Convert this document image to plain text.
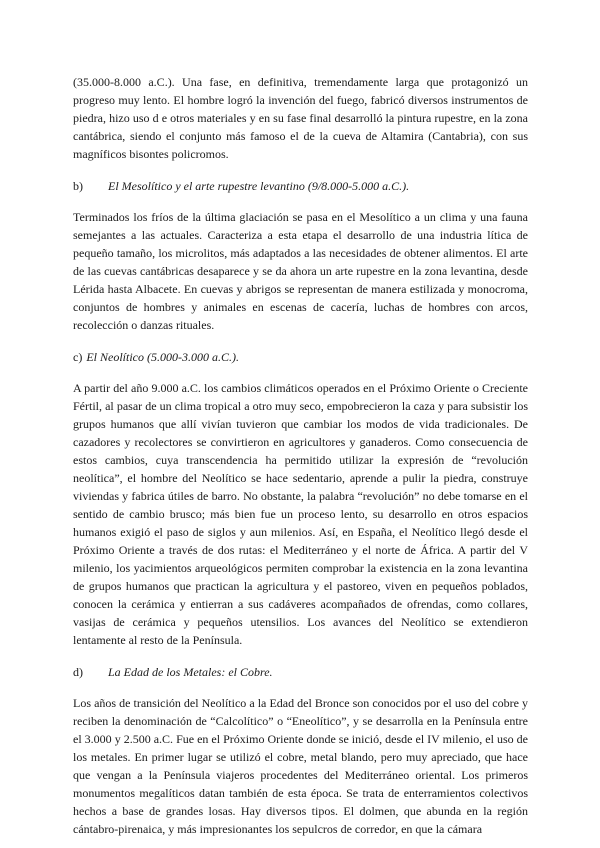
(35.000-8.000 a.C.). Una fase, en definitiva, tremendamente larga que protagonizó un progreso muy lento. El hombre logró la invención del fuego, fabricó diversos instrumentos de piedra, hizo uso d e otros materiales y en su fase final desarrolló la pintura rupestre, en la zona cantábrica, siendo el conjunto más famoso el de la cueva de Altamira (Cantabria), con sus magníficos bisontes policromos.

b)	El Mesolítico y el arte rupestre levantino (9/8.000-5.000 a.C.).

Terminados los fríos de la última glaciación se pasa en el Mesolítico a un clima y una fauna semejantes a las actuales. Caracteriza a esta etapa el desarrollo de una industria lítica de pequeño tamaño, los microlitos, más adaptados a las necesidades de obtener alimentos. El arte de las cuevas cantábricas desaparece y se da ahora un arte rupestre en la zona levantina, desde Lérida hasta Albacete. En cuevas y abrigos se representan de manera estilizada y monocroma, conjuntos de hombres y animales en escenas de cacería, luchas de hombres con arcos, recolección o danzas rituales.

c) El Neolítico (5.000-3.000 a.C.).

A partir del año 9.000 a.C. los cambios climáticos operados en el Próximo Oriente o Creciente Fértil, al pasar de un clima tropical a otro muy seco, empobrecieron la caza y para subsistir los grupos humanos que allí vivían tuvieron que cambiar los modos de vida tradicionales. De cazadores y recolectores se convirtieron en agricultores y ganaderos. Como consecuencia de estos cambios, cuya transcendencia ha permitido utilizar la expresión de “revolución neolítica”, el hombre del Neolítico se hace sedentario, aprende a pulir la piedra, construye viviendas y fabrica útiles de barro. No obstante, la palabra “revolución” no debe tomarse en el sentido de cambio brusco; más bien fue un proceso lento, su desarrollo en otros espacios humanos exigió el paso de siglos y aun milenios. Así, en España, el Neolítico llegó desde el Próximo Oriente a través de dos rutas: el Mediterráneo y el norte de África. A partir del V milenio, los yacimientos arqueológicos permiten comprobar la existencia en la zona levantina de grupos humanos que practican la agricultura y el pastoreo, viven en pequeños poblados, conocen la cerámica y entierran a sus cadáveres acompañados de ofrendas, como collares, vasijas de cerámica y pequeños utensilios. Los avances del Neolítico se extendieron lentamente al resto de la Península.

d)	La Edad de los Metales: el Cobre.

Los años de transición del Neolítico a la Edad del Bronce son conocidos por el uso del cobre y reciben la denominación de “Calcolítico” o “Eneolítico”, y se desarrolla en la Península entre el 3.000 y 2.500 a.C. Fue en el Próximo Oriente donde se inició, desde el IV milenio, el uso de los metales. En primer lugar se utilizó el cobre, metal blando, pero muy apreciado, que hace que vengan a la Península viajeros procedentes del Mediterráneo oriental. Los primeros monumentos megalíticos datan también de esta época. Se trata de enterramientos colectivos hechos a base de grandes losas. Hay diversos tipos. El dolmen, que abunda en la región cántabro-pirenaica, y más impresionantes los sepulcros de corredor, en que la cámara
